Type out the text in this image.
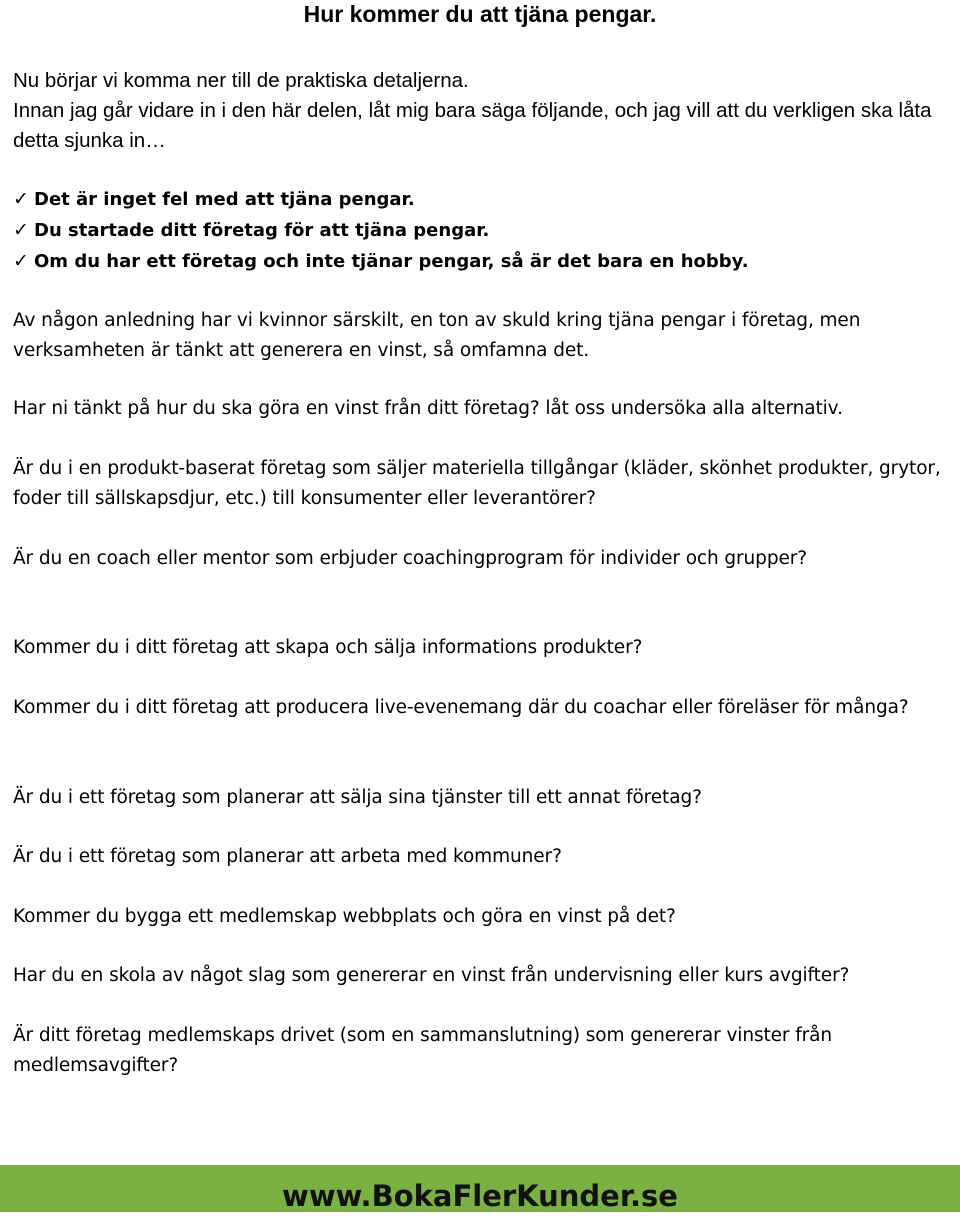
Hur kommer du att tjäna pengar.
Nu börjar vi komma ner till de praktiska detaljerna.
Innan jag går vidare in i den här delen, låt mig bara säga följande, och jag vill att du verkligen ska låta detta sjunka in…
✓ Det är inget fel med att tjäna pengar.
✓ Du startade ditt företag för att tjäna pengar.
✓ Om du har ett företag och inte tjänar pengar, så är det bara en hobby.

Av någon anledning har vi kvinnor särskilt, en ton av skuld kring tjäna pengar i företag, men verksamheten är tänkt att generera en vinst, så omfamna det.

Har ni tänkt på hur du ska göra en vinst från ditt företag? låt oss undersöka alla alternativ.

Är du i en produkt-baserat företag som säljer materiella tillgångar (kläder, skönhet produkter, grytor, foder till sällskapsdjur, etc.) till konsumenter eller leverantörer?

Är du en coach eller mentor som erbjuder coachingprogram för individer och grupper?

Kommer du i ditt företag att skapa och sälja informations produkter?

Kommer du i ditt företag att producera live-evenemang där du coachar eller föreläser för många?

Är du i ett företag som planerar att sälja sina tjänster till ett annat företag?

Är du i ett företag som planerar att arbeta med kommuner?

Kommer du bygga ett medlemskap webbplats och göra en vinst på det?

Har du en skola av något slag som genererar en vinst från undervisning eller kurs avgifter?

Är ditt företag medlemskaps drivet (som en sammanslutning) som genererar vinster från medlemsavgifter?

www.BokaFlerKunder.se
